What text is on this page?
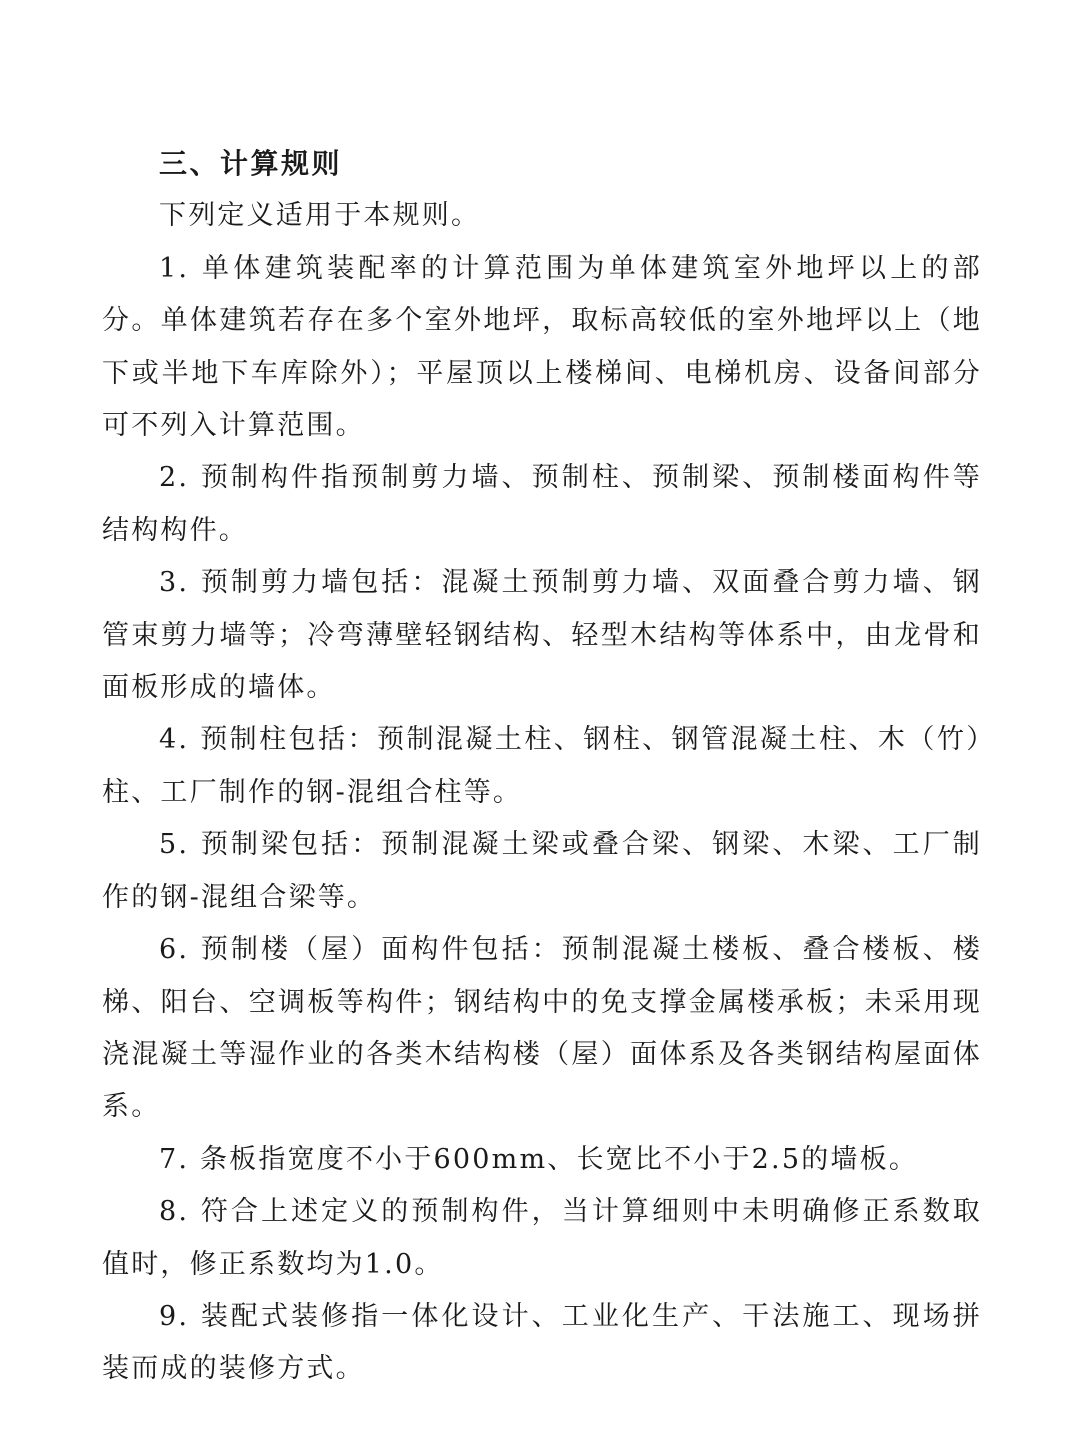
三、计算规则

下列定义适用于本规则。

1. 单体建筑装配率的计算范围为单体建筑室外地坪以上的部分。单体建筑若存在多个室外地坪，取标高较低的室外地坪以上（地下或半地下车库除外）；平屋顶以上楼梯间、电梯机房、设备间部分可不列入计算范围。

2. 预制构件指预制剪力墙、预制柱、预制梁、预制楼面构件等结构构件。

3. 预制剪力墙包括：混凝土预制剪力墙、双面叠合剪力墙、钢管束剪力墙等；冷弯薄壁轻钢结构、轻型木结构等体系中，由龙骨和面板形成的墙体。

4. 预制柱包括：预制混凝土柱、钢柱、钢管混凝土柱、木（竹）柱、工厂制作的钢-混组合柱等。

5. 预制梁包括：预制混凝土梁或叠合梁、钢梁、木梁、工厂制作的钢-混组合梁等。

6. 预制楼（屋）面构件包括：预制混凝土楼板、叠合楼板、楼梯、阳台、空调板等构件；钢结构中的免支撑金属楼承板；未采用现浇混凝土等湿作业的各类木结构楼（屋）面体系及各类钢结构屋面体系。

7. 条板指宽度不小于600mm、长宽比不小于2.5的墙板。

8. 符合上述定义的预制构件，当计算细则中未明确修正系数取值时，修正系数均为1.0。

9. 装配式装修指一体化设计、工业化生产、干法施工、现场拼装而成的装修方式。
